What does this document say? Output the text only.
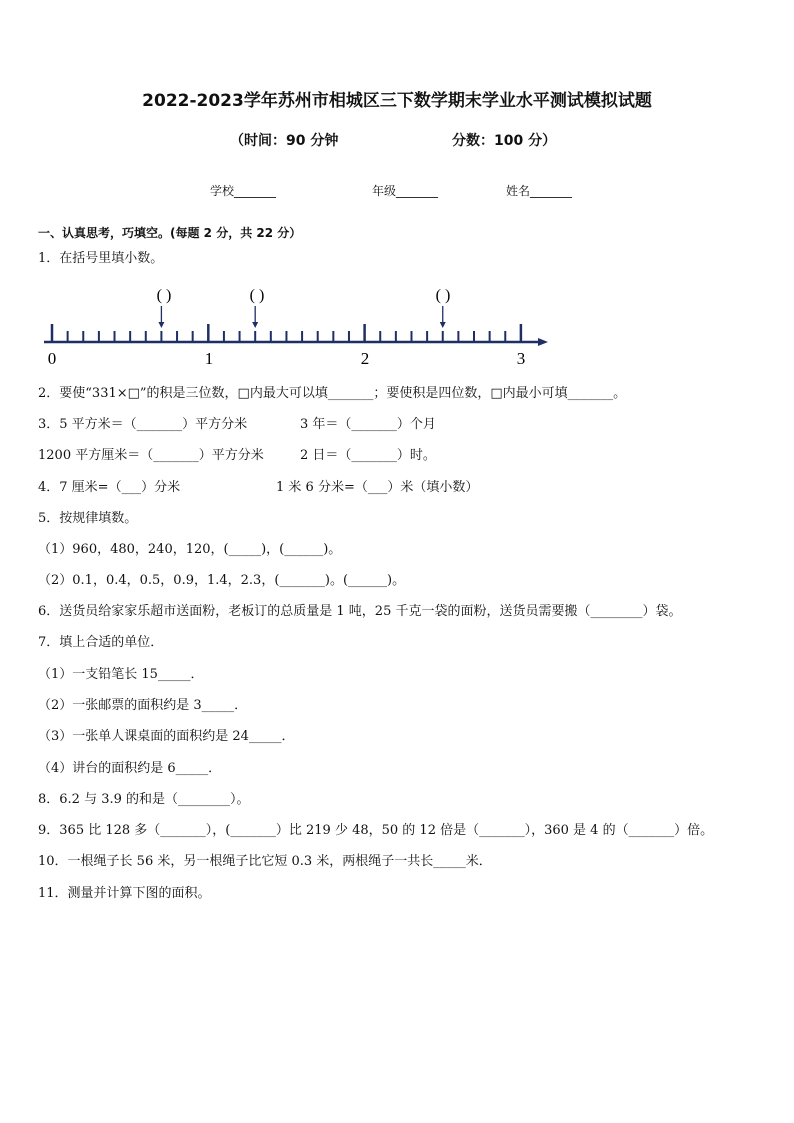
2022-2023学年苏州市相城区三下数学期末学业水平测试模拟试题
（时间：90 分钟	分数：100 分）
学校_______	年级_______	姓名_______
一、认真思考，巧填空。(每题 2 分，共 22 分）
1．在括号里填小数。
0	1	2	3
( )	( )	( )
2．要使“331×□”的积是三位数，□内最大可以填_______；要使积是四位数，□内最小可填_______。
3．5 平方米＝（_______）平方分米	3 年＝（_______）个月
1200 平方厘米＝（_______）平方分米	2 日＝（_______）时。
4．7 厘米=（___）分米	1 米 6 分米=（___）米（填小数）
5．按规律填数。
（1）960，480，240，120，(_____)，(______)。
（2）0.1，0.4，0.5，0.9，1.4，2.3，(_______)。(______)。
6．送货员给家家乐超市送面粉，老板订的总质量是 1 吨，25 千克一袋的面粉，送货员需要搬（________）袋。
7．填上合适的单位．
（1）一支铅笔长 15_____．
（2）一张邮票的面积约是 3_____．
（3）一张单人课桌面的面积约是 24_____．
（4）讲台的面积约是 6_____．
8．6.2 与 3.9 的和是（________）。
9．365 比 128 多（_______），(_______）比 219 少 48，50 的 12 倍是（_______），360 是 4 的（_______）倍。
10．一根绳子长 56 米，另一根绳子比它短 0.3 米，两根绳子一共长_____米．
11．测量并计算下图的面积。
